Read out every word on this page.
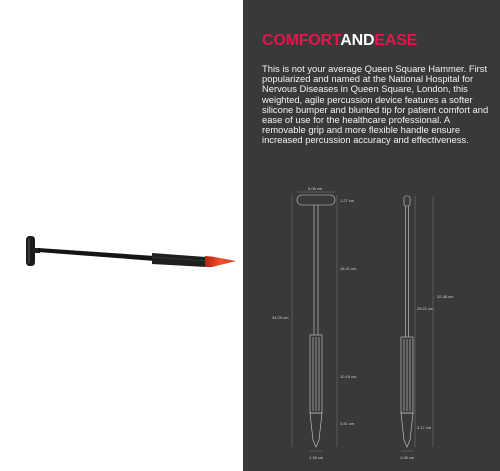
COMFORTANDEASE

This is not your average Queen Square Hammer. First popularized and named at the National Hospital for Nervous Diseases in Queen Square, London, this weighted, agile percussion device features a softer silicone bumper and blunted tip for patient comfort and ease of use for the healthcare professional. A removable grip and more flexible handle ensure increased percussion accuracy and effectiveness.

5.08 cm
1.27 cm
18.41 cm
34.29 cm
10.16 cm
3.81 cm
1.38 cm
29.21 cm
32.38 cm
3.17 cm
1.08 cm
